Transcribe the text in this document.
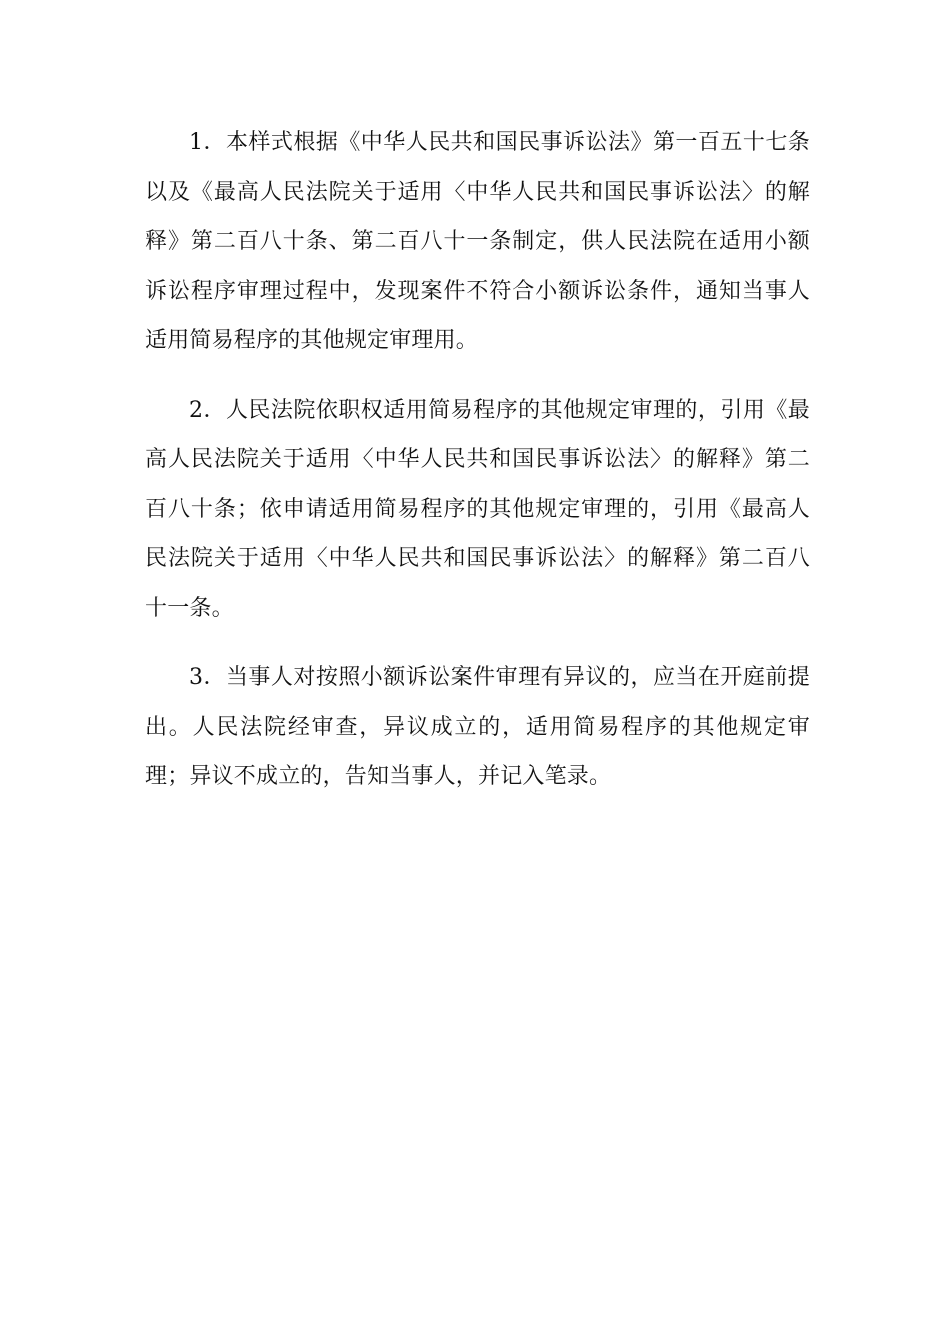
1．本样式根据《中华人民共和国民事诉讼法》第一百五十七条以及《最高人民法院关于适用〈中华人民共和国民事诉讼法〉的解释》第二百八十条、第二百八十一条制定，供人民法院在适用小额诉讼程序审理过程中，发现案件不符合小额诉讼条件，通知当事人适用简易程序的其他规定审理用。

2．人民法院依职权适用简易程序的其他规定审理的，引用《最高人民法院关于适用〈中华人民共和国民事诉讼法〉的解释》第二百八十条；依申请适用简易程序的其他规定审理的，引用《最高人民法院关于适用〈中华人民共和国民事诉讼法〉的解释》第二百八十一条。

3．当事人对按照小额诉讼案件审理有异议的，应当在开庭前提出。人民法院经审查，异议成立的，适用简易程序的其他规定审理；异议不成立的，告知当事人，并记入笔录。
